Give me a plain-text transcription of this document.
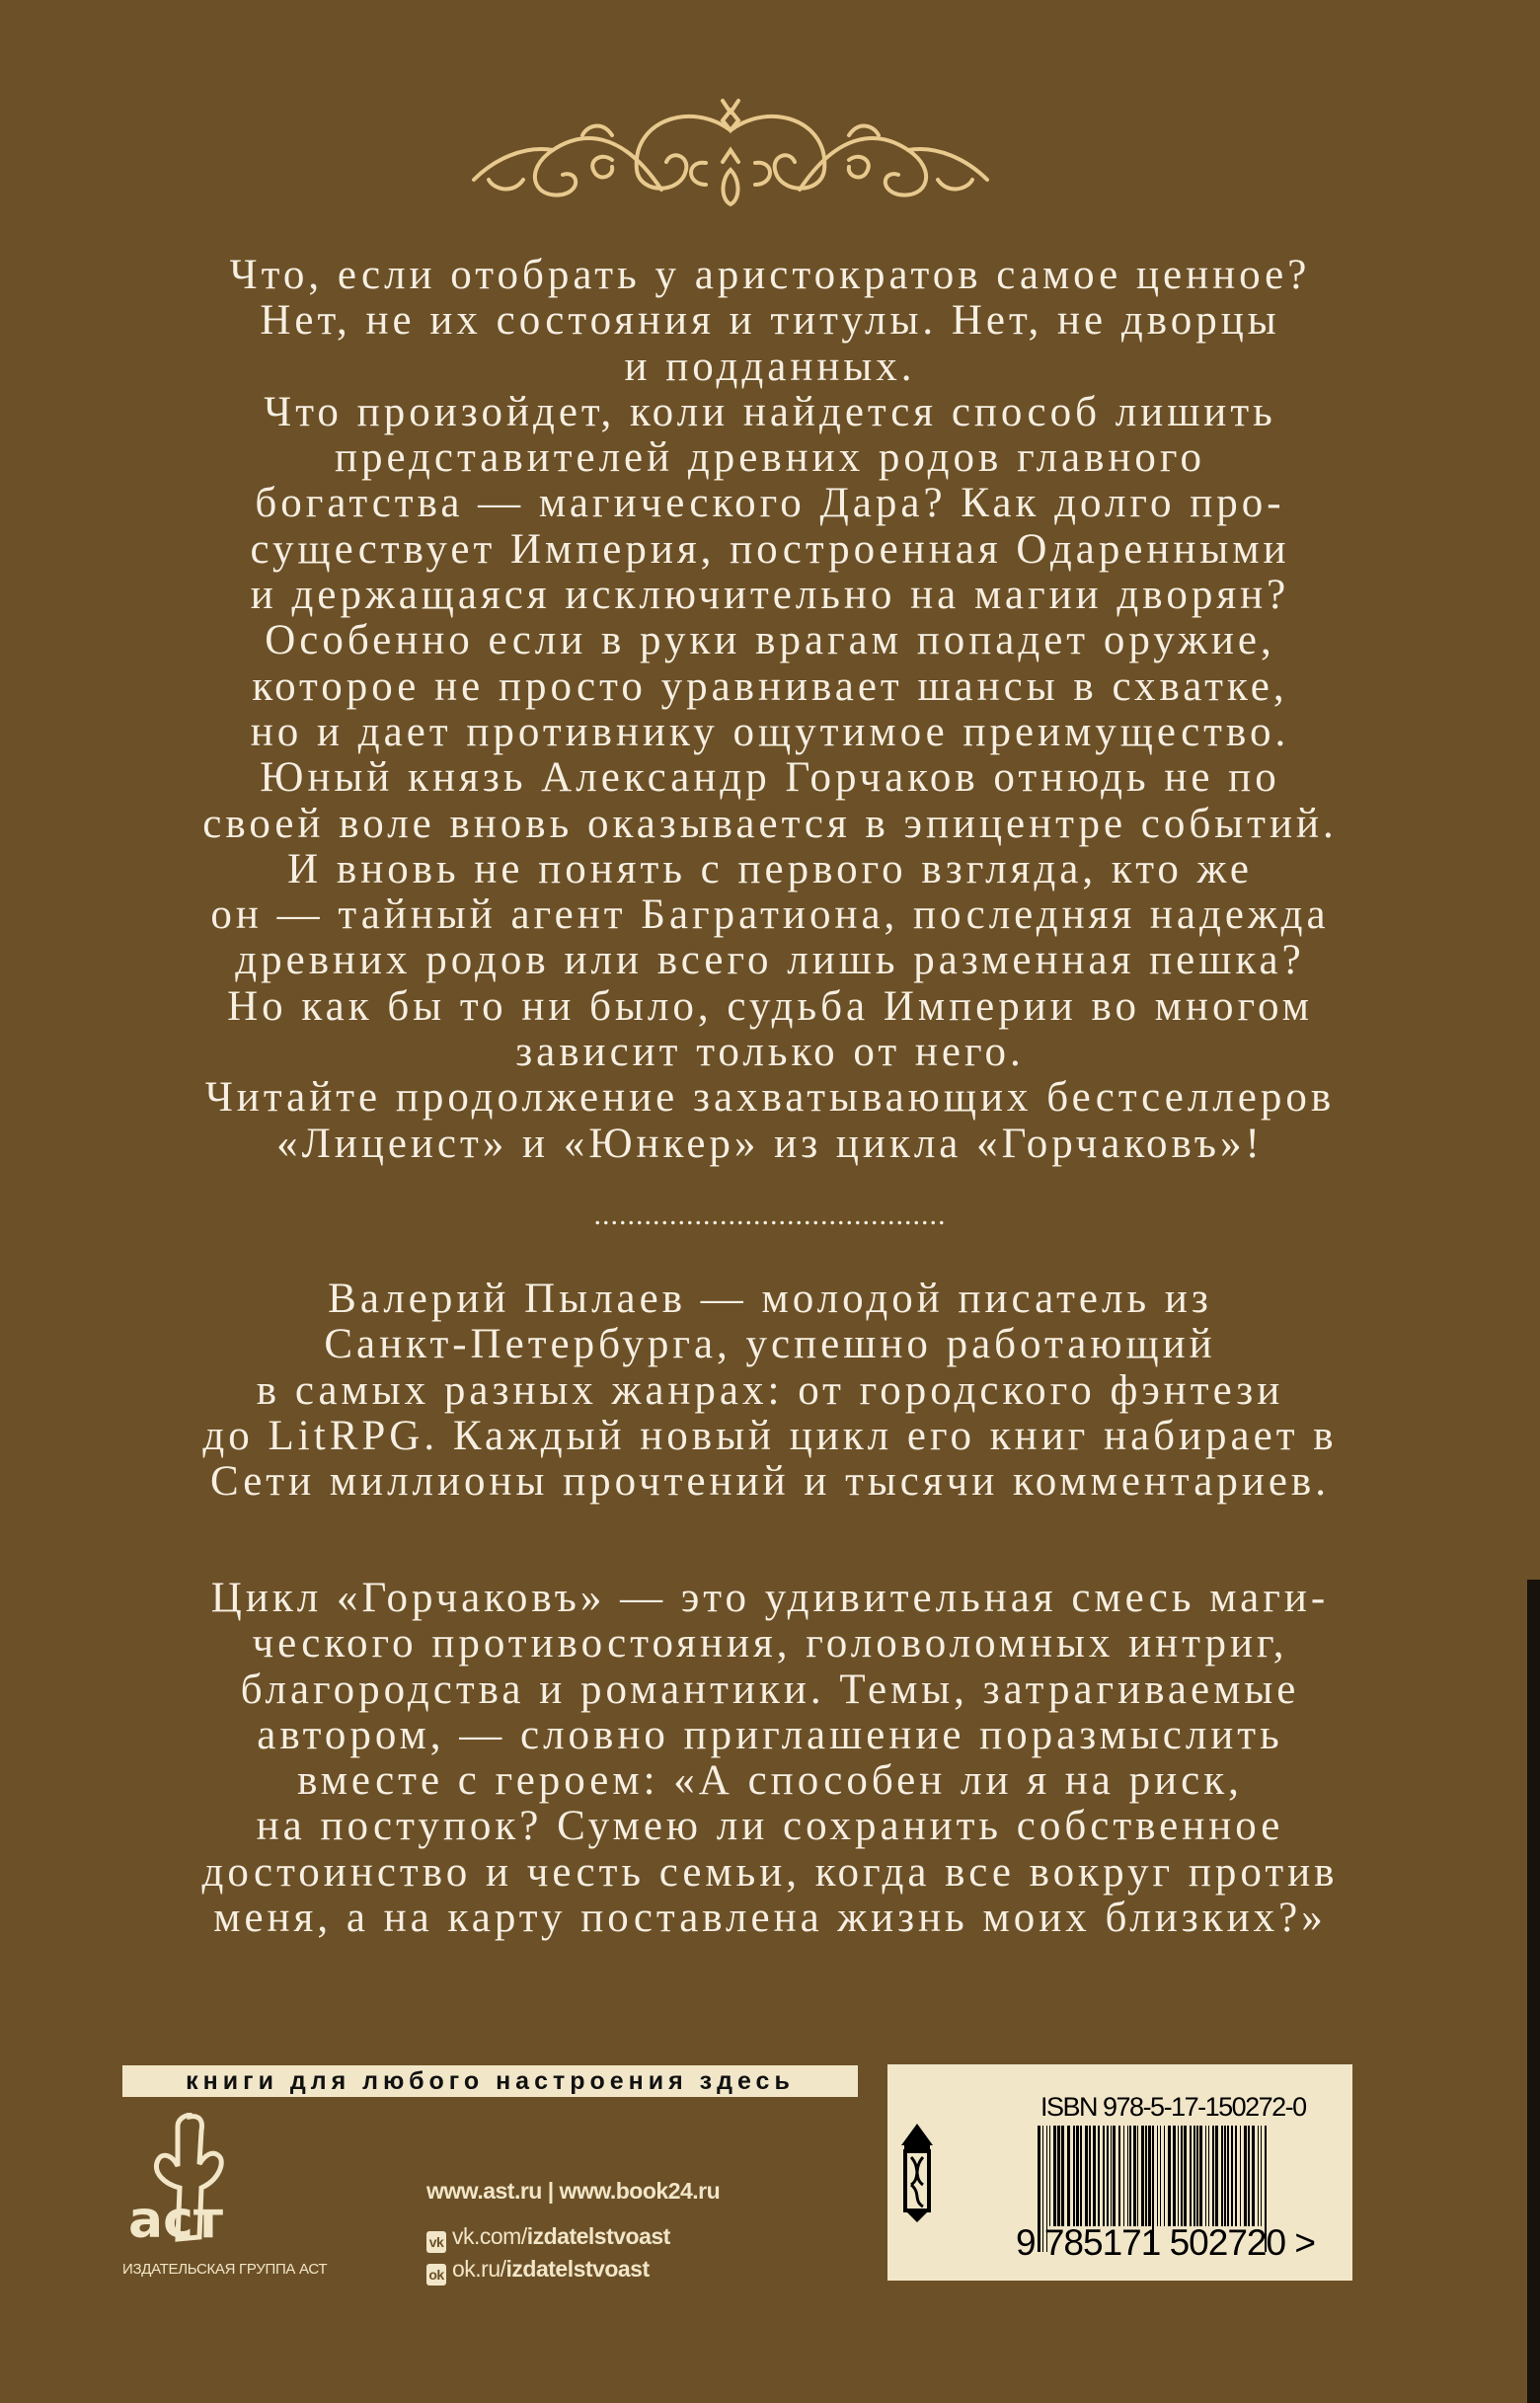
Что, если отобрать у аристократов самое ценное?
Нет, не их состояния и титулы. Нет, не дворцы
и подданных.
Что произойдет, коли найдется способ лишить
представителей древних родов главного
богатства — магического Дара? Как долго про-
существует Империя, построенная Одаренными
и держащаяся исключительно на магии дворян?
Особенно если в руки врагам попадет оружие,
которое не просто уравнивает шансы в схватке,
но и дает противнику ощутимое преимущество.
Юный князь Александр Горчаков отнюдь не по
своей воле вновь оказывается в эпицентре событий.
И вновь не понять с первого взгляда, кто же
он — тайный агент Багратиона, последняя надежда
древних родов или всего лишь разменная пешка?
Но как бы то ни было, судьба Империи во многом
зависит только от него.
Читайте продолжение захватывающих бестселлеров
«Лицеист» и «Юнкер» из цикла «Горчаковъ»!
..........................................
Валерий Пылаев — молодой писатель из
Санкт-Петербурга, успешно работающий
в самых разных жанрах: от городского фэнтези
до LitRPG. Каждый новый цикл его книг набирает в
Сети миллионы прочтений и тысячи комментариев.
Цикл «Горчаковъ» — это удивительная смесь маги-
ческого противостояния, головоломных интриг,
благородства и романтики. Темы, затрагиваемые
автором, — словно приглашение поразмыслить
вместе с героем: «А способен ли я на риск,
на поступок? Сумею ли сохранить собственное
достоинство и честь семьи, когда все вокруг против
меня, а на карту поставлена жизнь моих близких?»
книги для любого настроения здесь
аст
ИЗДАТЕЛЬСКАЯ ГРУППА АСТ
www.ast.ru | www.book24.ru
vk vk.com/izdatelstvoast
ok ok.ru/izdatelstvoast
ISBN 978-5-17-150272-0
9 785171 502720 >
